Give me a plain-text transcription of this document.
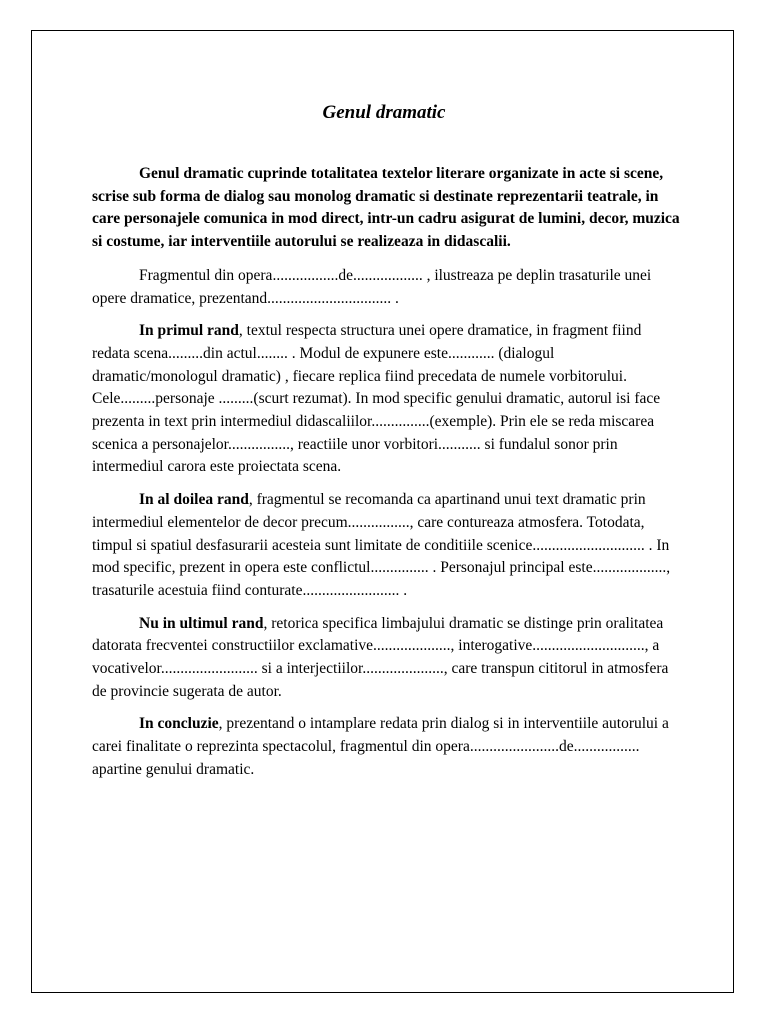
Genul dramatic

Genul dramatic cuprinde totalitatea textelor literare organizate in acte si scene, scrise sub forma de dialog sau monolog dramatic si destinate reprezentarii teatrale, in care personajele comunica in mod direct, intr-un cadru asigurat de lumini, decor, muzica si costume, iar interventiile autorului se realizeaza in didascalii.

Fragmentul din opera.................de.................. , ilustreaza pe deplin trasaturile unei opere dramatice, prezentand................................ .

In primul rand, textul respecta structura unei opere dramatice, in fragment fiind redata scena.........din actul........ . Modul de expunere este............ (dialogul dramatic/monologul dramatic) , fiecare replica fiind precedata de numele vorbitorului. Cele.........personaje .........(scurt rezumat). In mod specific genului dramatic, autorul isi face prezenta in text prin intermediul didascaliilor...............(exemple). Prin ele se reda miscarea scenica a personajelor................, reactiile unor vorbitori........... si fundalul sonor prin intermediul carora este proiectata scena.

In al doilea rand, fragmentul se recomanda ca apartinand unui text dramatic prin intermediul elementelor de decor precum................, care contureaza atmosfera. Totodata, timpul si spatiul desfasurarii acesteia sunt limitate de conditiile scenice............................. . In mod specific, prezent in opera este conflictul............... . Personajul principal este..................., trasaturile acestuia fiind conturate......................... .

Nu in ultimul rand, retorica specifica limbajului dramatic se distinge prin oralitatea datorata frecventei constructiilor exclamative...................., interogative............................., a vocativelor......................... si a interjectiilor....................., care transpun cititorul in atmosfera de provincie sugerata de autor.

In concluzie, prezentand o intamplare redata prin dialog si in interventiile autorului a carei finalitate o reprezinta spectacolul, fragmentul din opera.......................de................. apartine genului dramatic.
